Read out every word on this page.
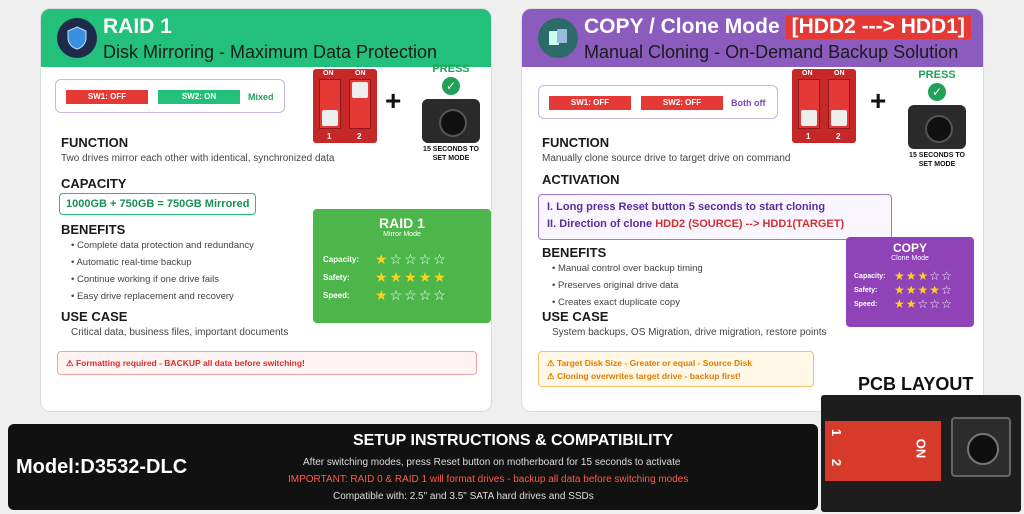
RAID 1
Disk Mirroring - Maximum Data Protection
SW1: OFF	SW2: ON	Mixed
ON	ON
1	2
+
PRESS
✓
15 SECONDS TO
SET MODE
FUNCTION
Two drives mirror each other with identical, synchronized data
CAPACITY
1000GB + 750GB = 750GB Mirrored
BENEFITS
• Complete data protection and redundancy
• Automatic real-time backup
• Continue working if one drive fails
• Easy drive replacement and recovery
USE CASE
Critical data, business files, important documents
⚠ Formatting required - BACKUP all data before switching!
RAID 1
Mirror Mode
Capacity: ★☆☆☆☆
Safety: ★★★★★
Speed: ★☆☆☆☆
COPY / Clone Mode [HDD2 ---> HDD1]
Manual Cloning - On-Demand Backup Solution
SW1: OFF	SW2: OFF	Both off
ON	ON
1	2
+
PRESS
✓
15 SECONDS TO
SET MODE
FUNCTION
Manually clone source drive to target drive on command
ACTIVATION
I. Long press Reset button 5 seconds to start cloning
II. Direction of clone HDD2 (SOURCE) --> HDD1(TARGET)
BENEFITS
• Manual control over backup timing
• Preserves original drive data
• Creates exact duplicate copy
USE CASE
System backups, OS Migration, drive migration, restore points
⚠ Target Disk Size - Greater or equal - Source Disk
⚠ Cloning overwrites target drive - backup first!
COPY
Clone Mode
Capacity: ★★★☆☆
Safety: ★★★★☆
Speed: ★★☆☆☆
Model:D3532-DLC
SETUP INSTRUCTIONS & COMPATIBILITY
After switching modes, press Reset button on motherboard for 15 seconds to activate
IMPORTANT: RAID 0 & RAID 1 will format drives - backup all data before switching modes
Compatible with: 2.5" and 3.5" SATA hard drives and SSDs
PCB LAYOUT
1
2
ON
